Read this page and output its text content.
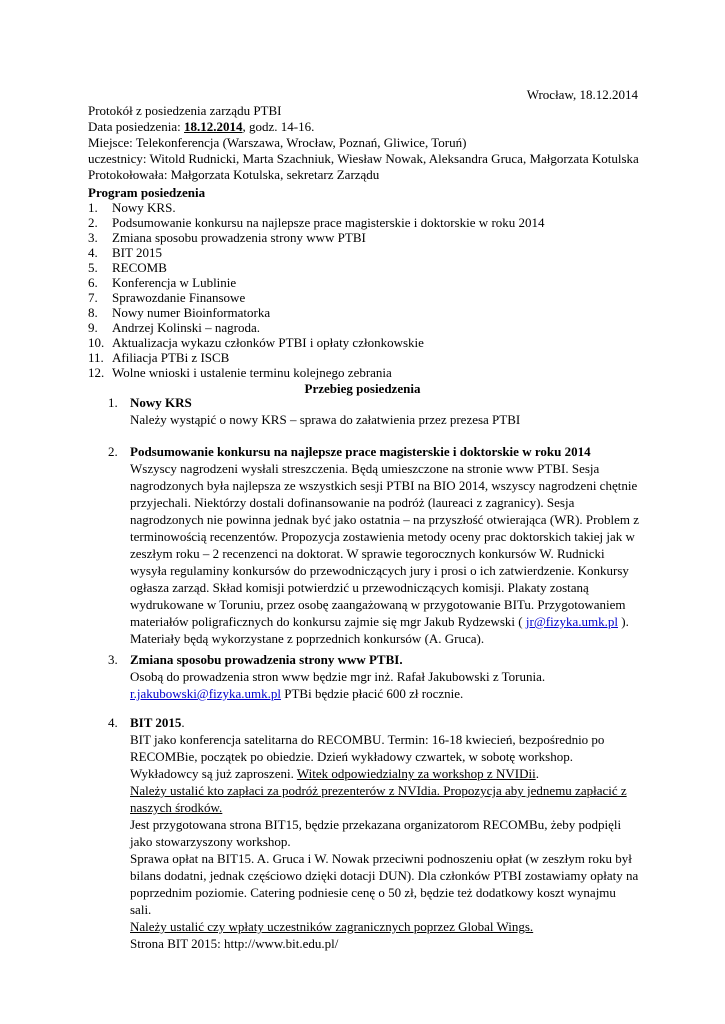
Wrocław, 18.12.2014
Protokół z posiedzenia zarządu PTBI
Data posiedzenia: 18.12.2014, godz. 14-16.
Miejsce: Telekonferencja (Warszawa, Wrocław, Poznań, Gliwice, Toruń)
uczestnicy: Witold Rudnicki, Marta Szachniuk, Wiesław Nowak, Aleksandra Gruca, Małgorzata Kotulska
Protokołowała: Małgorzata Kotulska, sekretarz Zarządu
Program posiedzenia
1. Nowy KRS.
2. Podsumowanie konkursu na najlepsze prace magisterskie i doktorskie w roku 2014
3. Zmiana sposobu prowadzenia strony www PTBI
4. BIT 2015
5. RECOMB
6. Konferencja w Lublinie
7. Sprawozdanie Finansowe
8. Nowy numer Bioinformatorka
9. Andrzej Kolinski – nagroda.
10. Aktualizacja wykazu członków PTBI i opłaty członkowskie
11. Afiliacja PTBi z ISCB
12. Wolne wnioski i ustalenie terminu kolejnego zebrania
Przebieg posiedzenia
1. Nowy KRS
Należy wystąpić o nowy KRS – sprawa do załatwienia przez prezesa PTBI
2. Podsumowanie konkursu na najlepsze prace magisterskie i doktorskie w roku 2014
Wszyscy nagrodzeni wysłali streszczenia. Będą umieszczone na stronie www PTBI. Sesja nagrodzonych była najlepsza ze wszystkich sesji PTBI na BIO 2014, wszyscy nagrodzeni chętnie przyjechali. Niektórzy dostali dofinansowanie na podróż (laureaci z zagranicy). Sesja nagrodzonych nie powinna jednak być jako ostatnia – na przyszłość otwierająca (WR). Problem z terminowością recenzentów. Propozycja zostawienia metody oceny prac doktorskich takiej jak w zeszłym roku – 2 recenzenci na doktorat. W sprawie tegorocznych konkursów W. Rudnicki wysyła regulaminy konkursów do przewodniczących jury i prosi o ich zatwierdzenie. Konkursy ogłasza zarząd. Skład komisji potwierdzić u przewodniczących komisji. Plakaty zostaną wydrukowane w Toruniu, przez osobę zaangażowaną w przygotowanie BITu. Przygotowaniem materiałów poligraficznych do konkursu zajmie się mgr Jakub Rydzewski ( jr@fizyka.umk.pl ). Materiały będą wykorzystane z poprzednich konkursów (A. Gruca).
3. Zmiana sposobu prowadzenia strony www PTBI.
Osobą do prowadzenia stron www będzie mgr inż. Rafał Jakubowski z Torunia.
r.jakubowski@fizyka.umk.pl PTBi będzie płacić 600 zł rocznie.
4. BIT 2015.
BIT jako konferencja satelitarna do RECOMBU. Termin: 16-18 kwiecień, bezpośrednio po RECOMBie, początek po obiedzie. Dzień wykładowy czwartek, w sobotę workshop. Wykładowcy są już zaproszeni. Witek odpowiedzialny za workshop z NVIDii.
Należy ustalić kto zapłaci za podróż prezenterów z NVIdia. Propozycja aby jednemu zapłacić z naszych środków.
Jest przygotowana strona BIT15, będzie przekazana organizatorom RECOMBu, żeby podpięli jako stowarzyszony workshop.
Sprawa opłat na BIT15. A. Gruca i W. Nowak przeciwni podnoszeniu opłat (w zeszłym roku był bilans dodatni, jednak częściowo dzięki dotacji DUN). Dla członków PTBI zostawiamy opłaty na poprzednim poziomie. Catering podniesie cenę o 50 zł, będzie też dodatkowy koszt wynajmu sali.
Należy ustalić czy wpłaty uczestników zagranicznych poprzez Global Wings.
Strona BIT 2015: http://www.bit.edu.pl/
